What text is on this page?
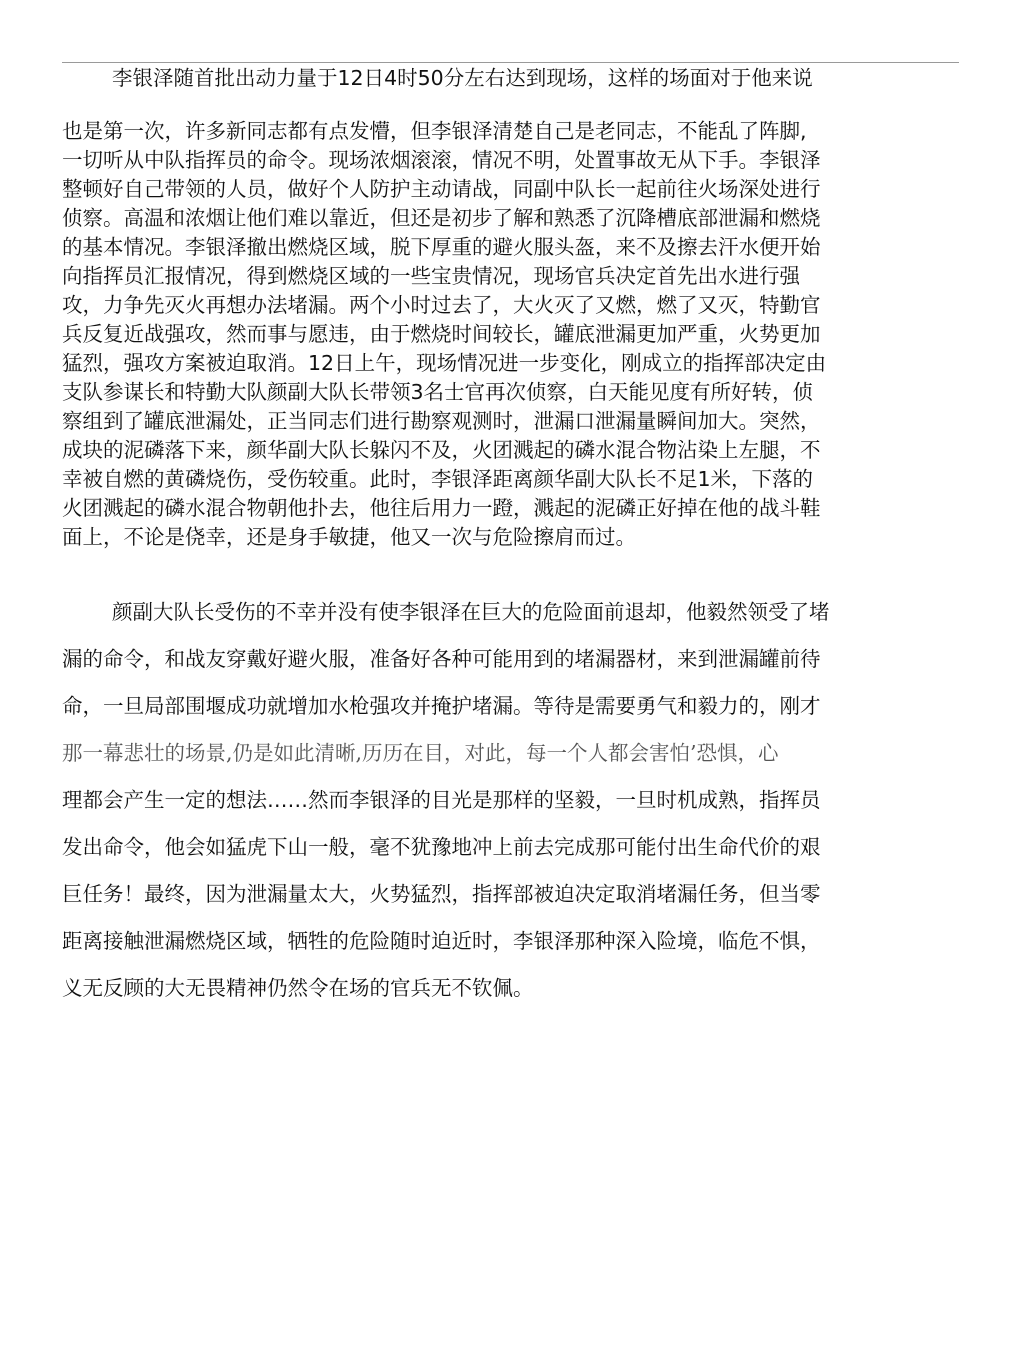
李银泽随首批出动力量于12日4时50分左右达到现场，这样的场面对于他来说
也是第一次，许多新同志都有点发懵，但李银泽清楚自己是老同志，不能乱了阵脚,
一切听从中队指挥员的命令。现场浓烟滚滚，情况不明，处置事故无从下手。李银泽
整顿好自己带领的人员，做好个人防护主动请战，同副中队长一起前往火场深处进行
侦察。高温和浓烟让他们难以靠近，但还是初步了解和熟悉了沉降槽底部泄漏和燃烧
的基本情况。李银泽撤出燃烧区域，脱下厚重的避火服头盔，来不及擦去汗水便开始
向指挥员汇报情况，得到燃烧区域的一些宝贵情况，现场官兵决定首先出水进行强
攻，力争先灭火再想办法堵漏。两个小时过去了，大火灭了又燃，燃了又灭，特勤官
兵反复近战强攻，然而事与愿违，由于燃烧时间较长，罐底泄漏更加严重，火势更加
猛烈，强攻方案被迫取消。12日上午，现场情况进一步变化，刚成立的指挥部决定由
支队参谋长和特勤大队颜副大队长带领3名士官再次侦察，白天能见度有所好转，侦
察组到了罐底泄漏处，正当同志们进行勘察观测时，泄漏口泄漏量瞬间加大。突然，
成块的泥磷落下来，颜华副大队长躲闪不及，火团溅起的磷水混合物沾染上左腿，不
幸被自燃的黄磷烧伤，受伤较重。此时，李银泽距离颜华副大队长不足1米，下落的
火团溅起的磷水混合物朝他扑去，他往后用力一蹬，溅起的泥磷正好掉在他的战斗鞋
面上，不论是侥幸，还是身手敏捷，他又一次与危险擦肩而过。
颜副大队长受伤的不幸并没有使李银泽在巨大的危险面前退却，他毅然领受了堵
漏的命令，和战友穿戴好避火服，准备好各种可能用到的堵漏器材，来到泄漏罐前待
命，一旦局部围堰成功就增加水枪强攻并掩护堵漏。等待是需要勇气和毅力的，刚才
那一幕悲壮的场景,仍是如此清晰,历历在目，对此，每一个人都会害怕’恐惧，心
理都会产生一定的想法……然而李银泽的目光是那样的坚毅，一旦时机成熟，指挥员
发出命令，他会如猛虎下山一般，毫不犹豫地冲上前去完成那可能付出生命代价的艰
巨任务！最终，因为泄漏量太大，火势猛烈，指挥部被迫决定取消堵漏任务，但当零
距离接触泄漏燃烧区域，牺牲的危险随时迫近时，李银泽那种深入险境，临危不惧，
义无反顾的大无畏精神仍然令在场的官兵无不钦佩。
